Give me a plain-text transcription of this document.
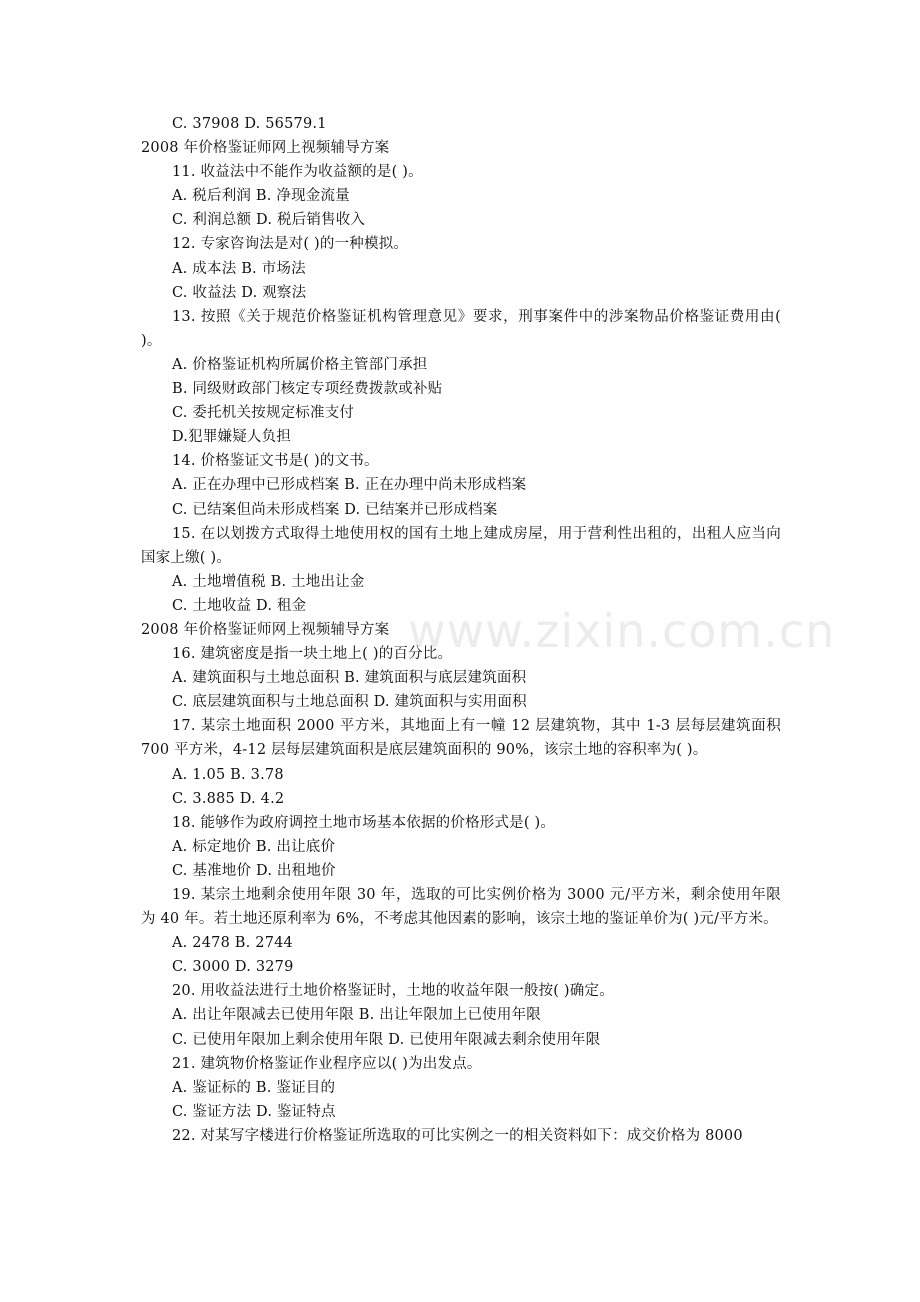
C. 37908 D. 56579.1
2008 年价格鉴证师网上视频辅导方案
11. 收益法中不能作为收益额的是( )。
A. 税后利润 B. 净现金流量
C. 利润总额 D. 税后销售收入
12. 专家咨询法是对( )的一种模拟。
A. 成本法 B. 市场法
C. 收益法 D. 观察法
13. 按照《关于规范价格鉴证机构管理意见》要求，刑事案件中的涉案物品价格鉴证费用由( )。
A. 价格鉴证机构所属价格主管部门承担
B. 同级财政部门核定专项经费拨款或补贴
C. 委托机关按规定标准支付
D.犯罪嫌疑人负担
14. 价格鉴证文书是( )的文书。
A. 正在办理中已形成档案 B. 正在办理中尚未形成档案
C. 已结案但尚未形成档案 D. 已结案并已形成档案
15. 在以划拨方式取得土地使用权的国有土地上建成房屋，用于营利性出租的，出租人应当向国家上缴( )。
A. 土地增值税 B. 土地出让金
C. 土地收益 D. 租金
2008 年价格鉴证师网上视频辅导方案
16. 建筑密度是指一块土地上( )的百分比。
A. 建筑面积与土地总面积 B. 建筑面积与底层建筑面积
C. 底层建筑面积与土地总面积 D. 建筑面积与实用面积
17. 某宗土地面积 2000 平方米，其地面上有一幢 12 层建筑物，其中 1-3 层每层建筑面积 700 平方米，4-12 层每层建筑面积是底层建筑面积的 90%，该宗土地的容积率为( )。
A. 1.05 B. 3.78
C. 3.885 D. 4.2
18. 能够作为政府调控土地市场基本依据的价格形式是( )。
A. 标定地价 B. 出让底价
C. 基准地价 D. 出租地价
19. 某宗土地剩余使用年限 30 年，选取的可比实例价格为 3000 元/平方米，剩余使用年限为 40 年。若土地还原利率为 6%，不考虑其他因素的影响，该宗土地的鉴证单价为( )元/平方米。
A. 2478 B. 2744
C. 3000 D. 3279
20. 用收益法进行土地价格鉴证时，土地的收益年限一般按( )确定。
A. 出让年限减去已使用年限 B. 出让年限加上已使用年限
C. 已使用年限加上剩余使用年限 D. 已使用年限减去剩余使用年限
21. 建筑物价格鉴证作业程序应以( )为出发点。
A. 鉴证标的 B. 鉴证目的
C. 鉴证方法 D. 鉴证特点
22. 对某写字楼进行价格鉴证所选取的可比实例之一的相关资料如下：成交价格为 8000
www.zixin.com.cn
